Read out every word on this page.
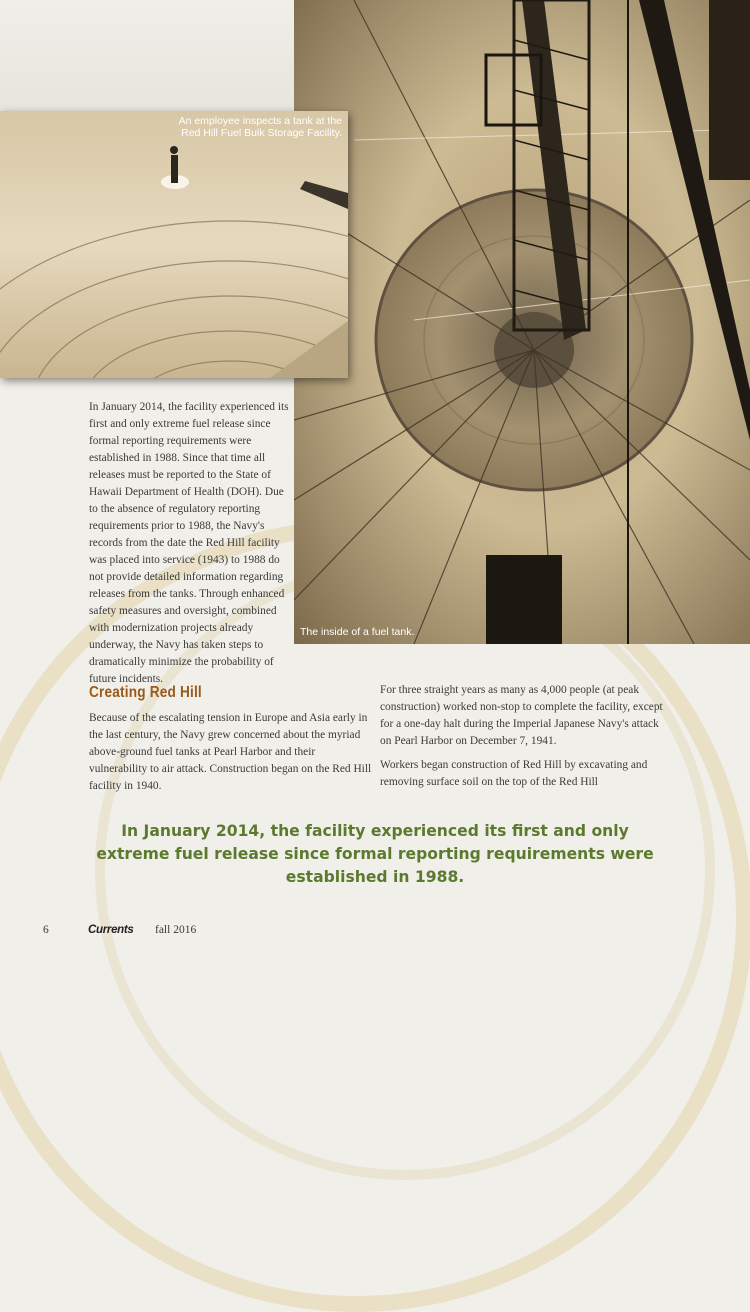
The inside of a fuel tank.
An employee inspects a tank at the
Red Hill Fuel Bulk Storage Facility.

In January 2014, the facility experienced its first and only extreme fuel release since formal reporting requirements were established in 1988. Since that time all releases must be reported to the State of Hawaii Department of Health (DOH). Due to the absence of regulatory reporting requirements prior to 1988, the Navy's records from the date the Red Hill facility was placed into service (1943) to 1988 do not provide detailed information regarding releases from the tanks. Through enhanced safety measures and oversight, combined with modernization projects already underway, the Navy has taken steps to dramatically minimize the probability of future incidents.

Creating Red Hill

Because of the escalating tension in Europe and Asia early in the last century, the Navy grew concerned about the myriad above-ground fuel tanks at Pearl Harbor and their vulnerability to air attack. Construction began on the Red Hill facility in 1940.

For three straight years as many as 4,000 people (at peak construction) worked non-stop to complete the facility, except for a one-day halt during the Imperial Japanese Navy's attack on Pearl Harbor on December 7, 1941.

Workers began construction of Red Hill by excavating and removing surface soil on the top of the Red Hill

In January 2014, the facility experienced its first and only extreme fuel release since formal reporting requirements were established in 1988.
6	Currents fall 2016
